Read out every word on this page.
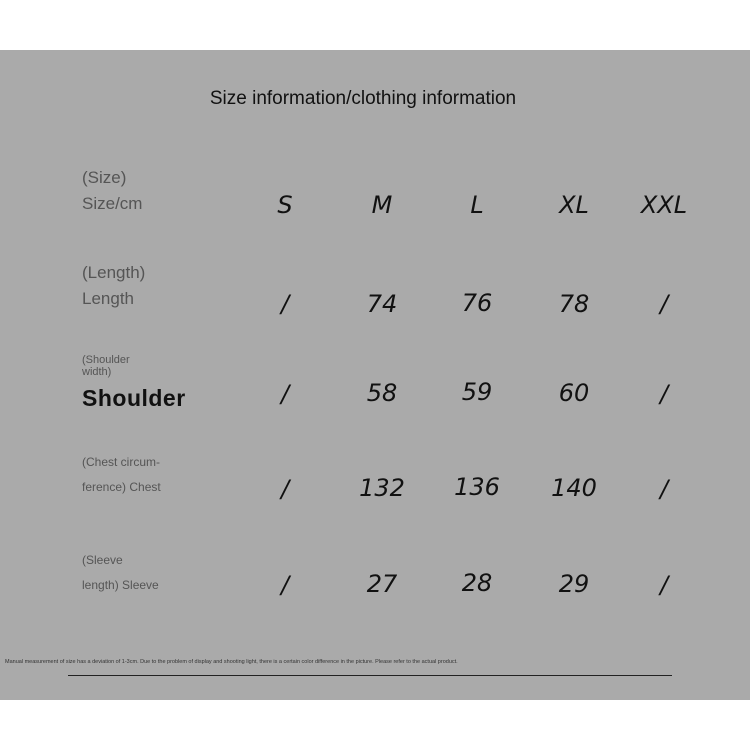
Size information/clothing information
(Size)
Size/cm	S	M	L	XL	XXL
(Length)
Length	/	74	76	78	/
(Shoulder
width)
Shoulder	/	58	59	60	/
(Chest circum-
ference) Chest	/	132	136	140	/
(Sleeve
length) Sleeve	/	27	28	29	/
Manual measurement of size has a deviation of 1-3cm. Due to the problem of display and shooting light, there is a certain color difference in the picture. Please refer to the actual product.
